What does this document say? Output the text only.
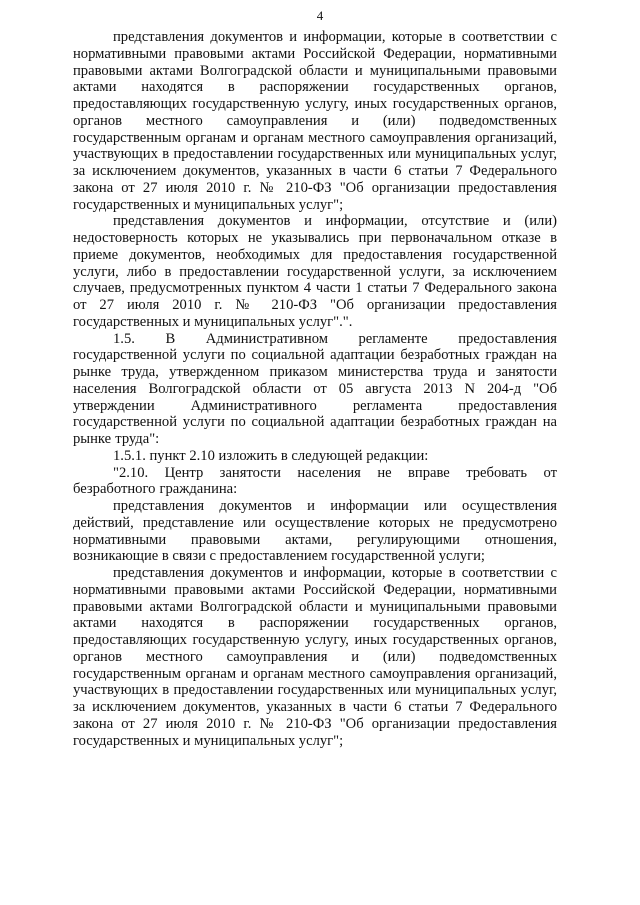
4

представления документов и информации, которые в соответствии с нормативными правовыми актами Российской Федерации, нормативными правовыми актами Волгоградской области и муниципальными правовыми актами находятся в распоряжении государственных органов, предоставляющих государственную услугу, иных государственных органов, органов местного самоуправления и (или) подведомственных государственным органам и органам местного самоуправления организаций, участвующих в предоставлении государственных или муниципальных услуг, за исключением документов, указанных в части 6 статьи 7 Федерального закона от 27 июля 2010 г. № 210-ФЗ "Об организации предоставления государственных и муниципальных услуг";

представления документов и информации, отсутствие и (или) недостоверность которых не указывались при первоначальном отказе в приеме документов, необходимых для предоставления государственной услуги, либо в предоставлении государственной услуги, за исключением случаев, предусмотренных пунктом 4 части 1 статьи 7 Федерального закона от 27 июля 2010 г. № 210-ФЗ "Об организации предоставления государственных и муниципальных услуг".".

1.5. В Административном регламенте предоставления государственной услуги по социальной адаптации безработных граждан на рынке труда, утвержденном приказом министерства труда и занятости населения Волгоградской области от 05 августа 2013 N 204-д "Об утверждении Административного регламента предоставления государственной услуги по социальной адаптации безработных граждан на рынке труда":

1.5.1. пункт 2.10 изложить в следующей редакции:

"2.10. Центр занятости населения не вправе требовать от безработного гражданина:

представления документов и информации или осуществления действий, представление или осуществление которых не предусмотрено нормативными правовыми актами, регулирующими отношения, возникающие в связи с предоставлением государственной услуги;

представления документов и информации, которые в соответствии с нормативными правовыми актами Российской Федерации, нормативными правовыми актами Волгоградской области и муниципальными правовыми актами находятся в распоряжении государственных органов, предоставляющих государственную услугу, иных государственных органов, органов местного самоуправления и (или) подведомственных государственным органам и органам местного самоуправления организаций, участвующих в предоставлении государственных или муниципальных услуг, за исключением документов, указанных в части 6 статьи 7 Федерального закона от 27 июля 2010 г. № 210-ФЗ "Об организации предоставления государственных и муниципальных услуг";
